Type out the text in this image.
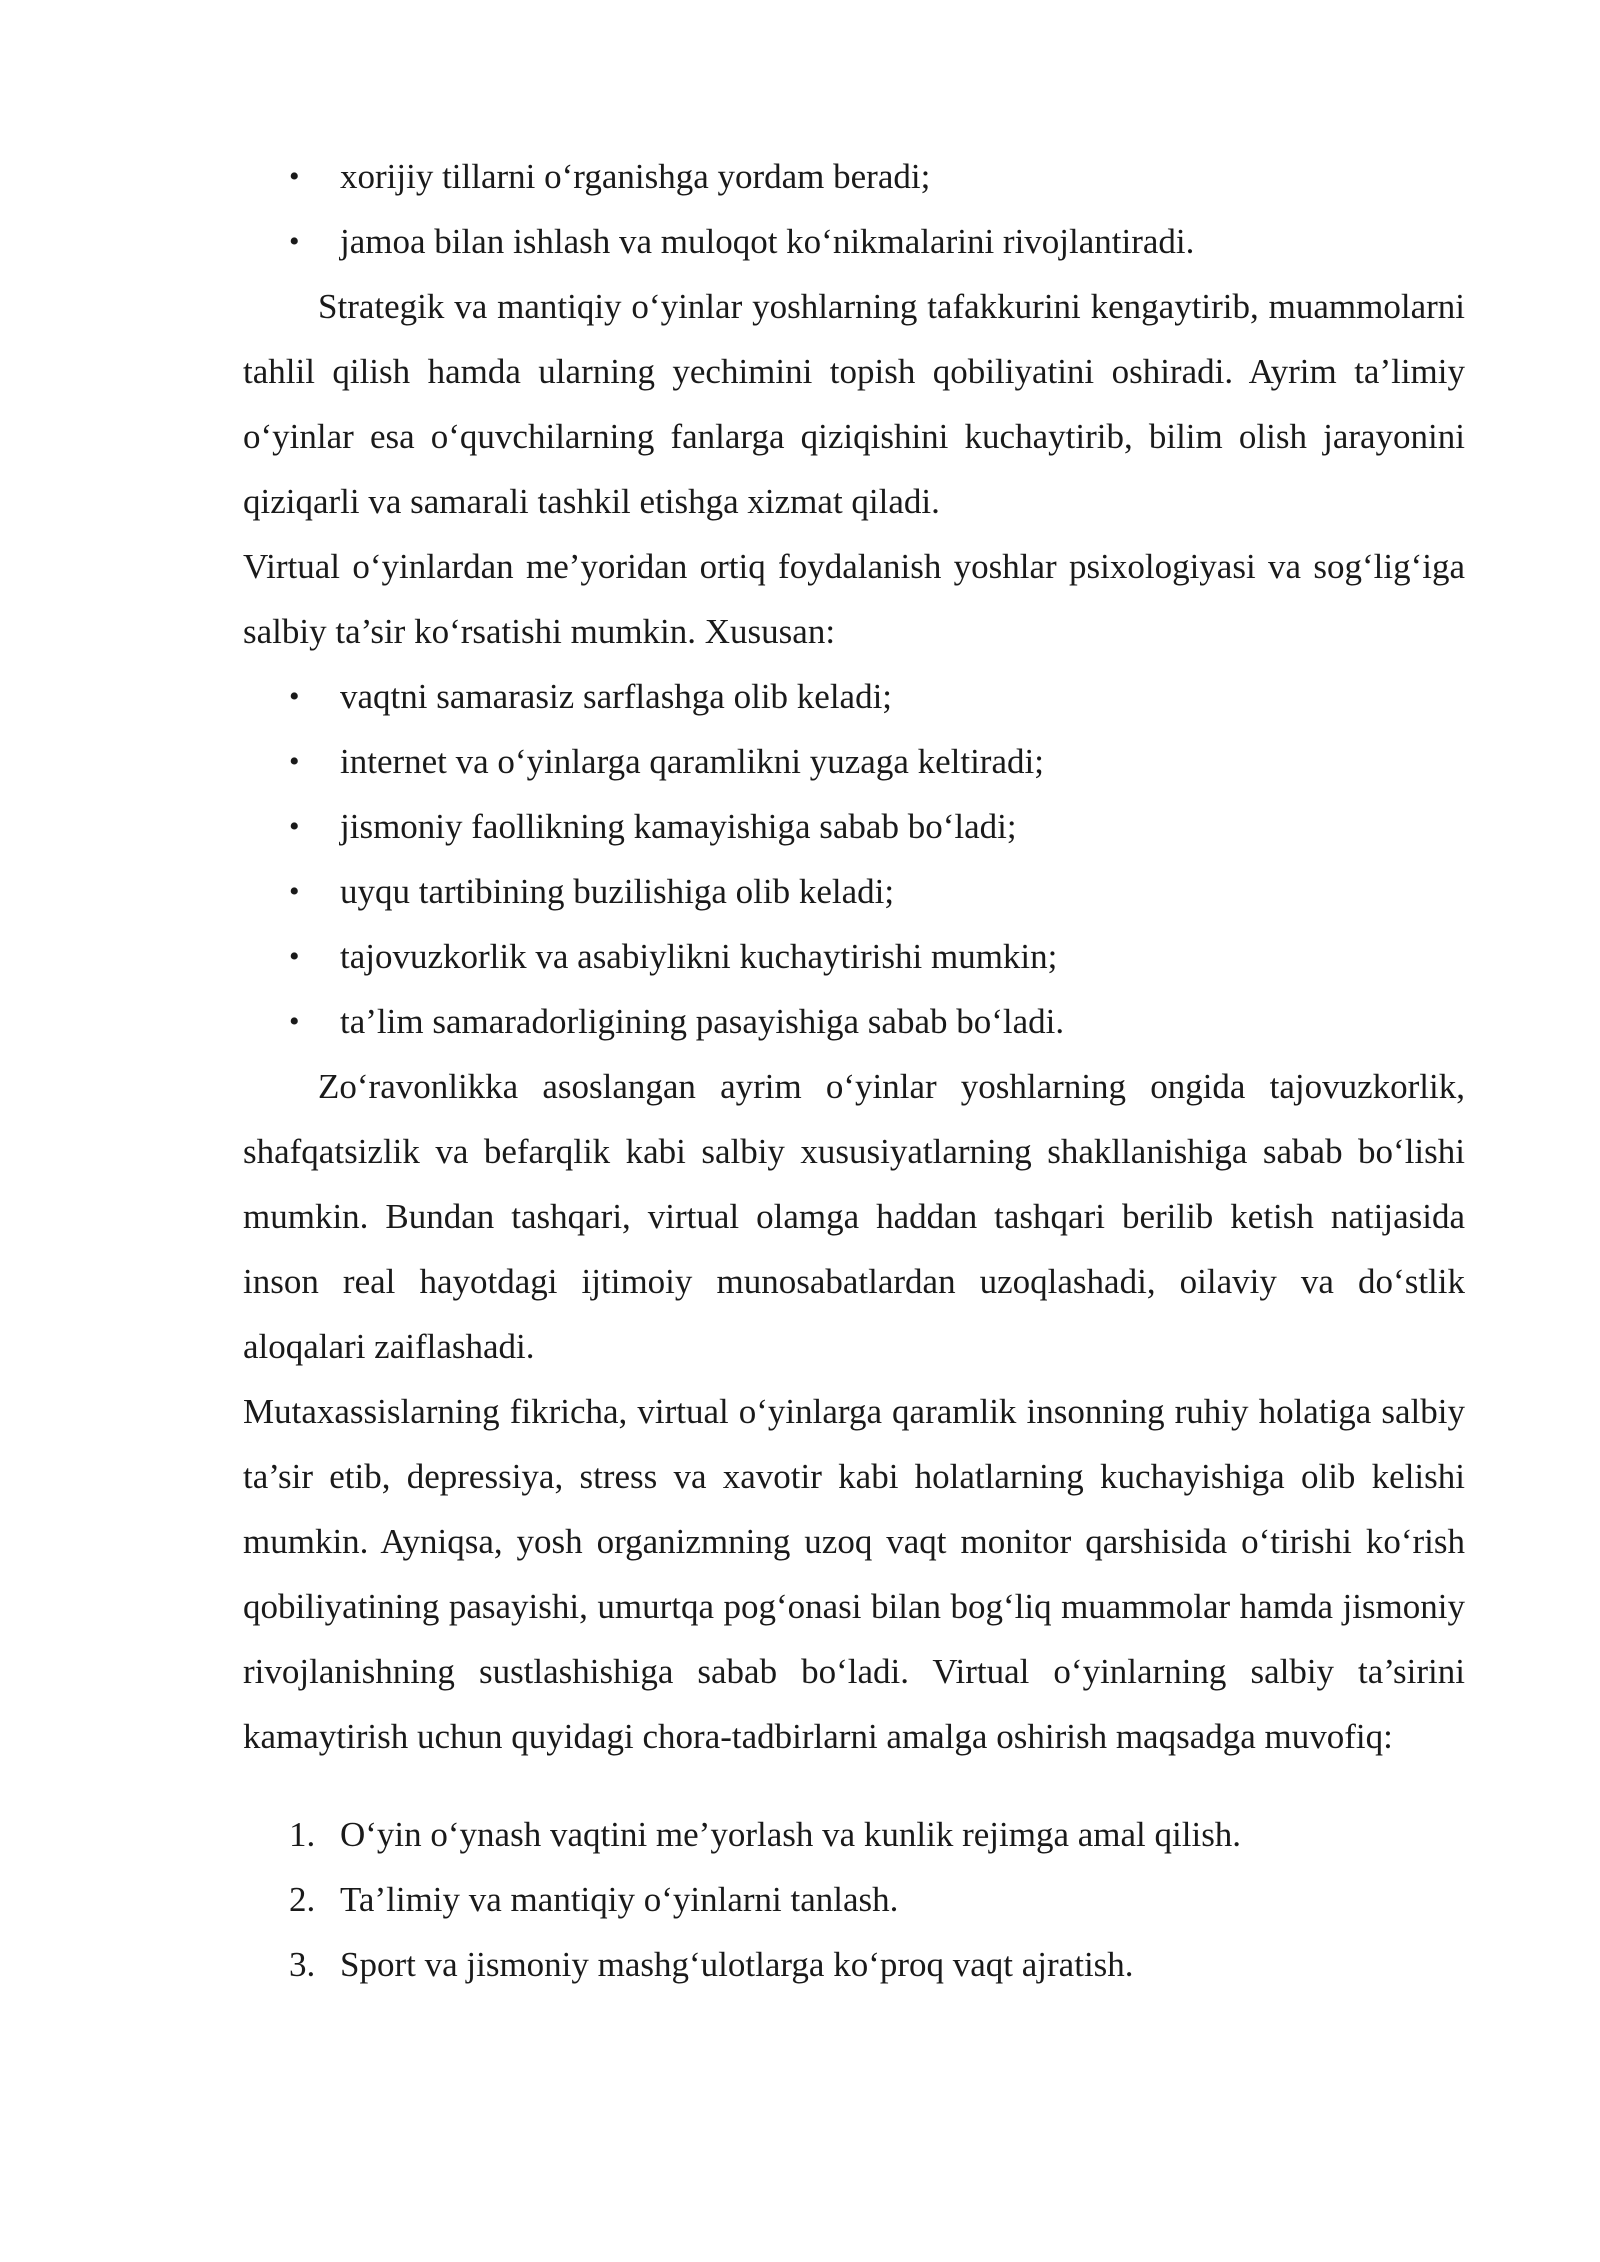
• xorijiy tillarni o‘rganishga yordam beradi;
• jamoa bilan ishlash va muloqot ko‘nikmalarini rivojlantiradi.

Strategik va mantiqiy o‘yinlar yoshlarning tafakkurini kengaytirib, muammolarni tahlil qilish hamda ularning yechimini topish qobiliyatini oshiradi. Ayrim ta’limiy o‘yinlar esa o‘quvchilarning fanlarga qiziqishini kuchaytirib, bilim olish jarayonini qiziqarli va samarali tashkil etishga xizmat qiladi.

Virtual o‘yinlardan me’yoridan ortiq foydalanish yoshlar psixologiyasi va sog‘lig‘iga salbiy ta’sir ko‘rsatishi mumkin. Xususan:

• vaqtni samarasiz sarflashga olib keladi;
• internet va o‘yinlarga qaramlikni yuzaga keltiradi;
• jismoniy faollikning kamayishiga sabab bo‘ladi;
• uyqu tartibining buzilishiga olib keladi;
• tajovuzkorlik va asabiylikni kuchaytirishi mumkin;
• ta’lim samaradorligining pasayishiga sabab bo‘ladi.

Zo‘ravonlikka asoslangan ayrim o‘yinlar yoshlarning ongida tajovuzkorlik, shafqatsizlik va befarqlik kabi salbiy xususiyatlarning shakllanishiga sabab bo‘lishi mumkin. Bundan tashqari, virtual olamga haddan tashqari berilib ketish natijasida inson real hayotdagi ijtimoiy munosabatlardan uzoqlashadi, oilaviy va do‘stlik aloqalari zaiflashadi.

Mutaxassislarning fikricha, virtual o‘yinlarga qaramlik insonning ruhiy holatiga salbiy ta’sir etib, depressiya, stress va xavotir kabi holatlarning kuchayishiga olib kelishi mumkin. Ayniqsa, yosh organizmning uzoq vaqt monitor qarshisida o‘tirishi ko‘rish qobiliyatining pasayishi, umurtqa pog‘onasi bilan bog‘liq muammolar hamda jismoniy rivojlanishning sustlashishiga sabab bo‘ladi. Virtual o‘yinlarning salbiy ta’sirini kamaytirish uchun quyidagi chora-tadbirlarni amalga oshirish maqsadga muvofiq:

1. O‘yin o‘ynash vaqtini me’yorlash va kunlik rejimga amal qilish.
2. Ta’limiy va mantiqiy o‘yinlarni tanlash.
3. Sport va jismoniy mashg‘ulotlarga ko‘proq vaqt ajratish.
